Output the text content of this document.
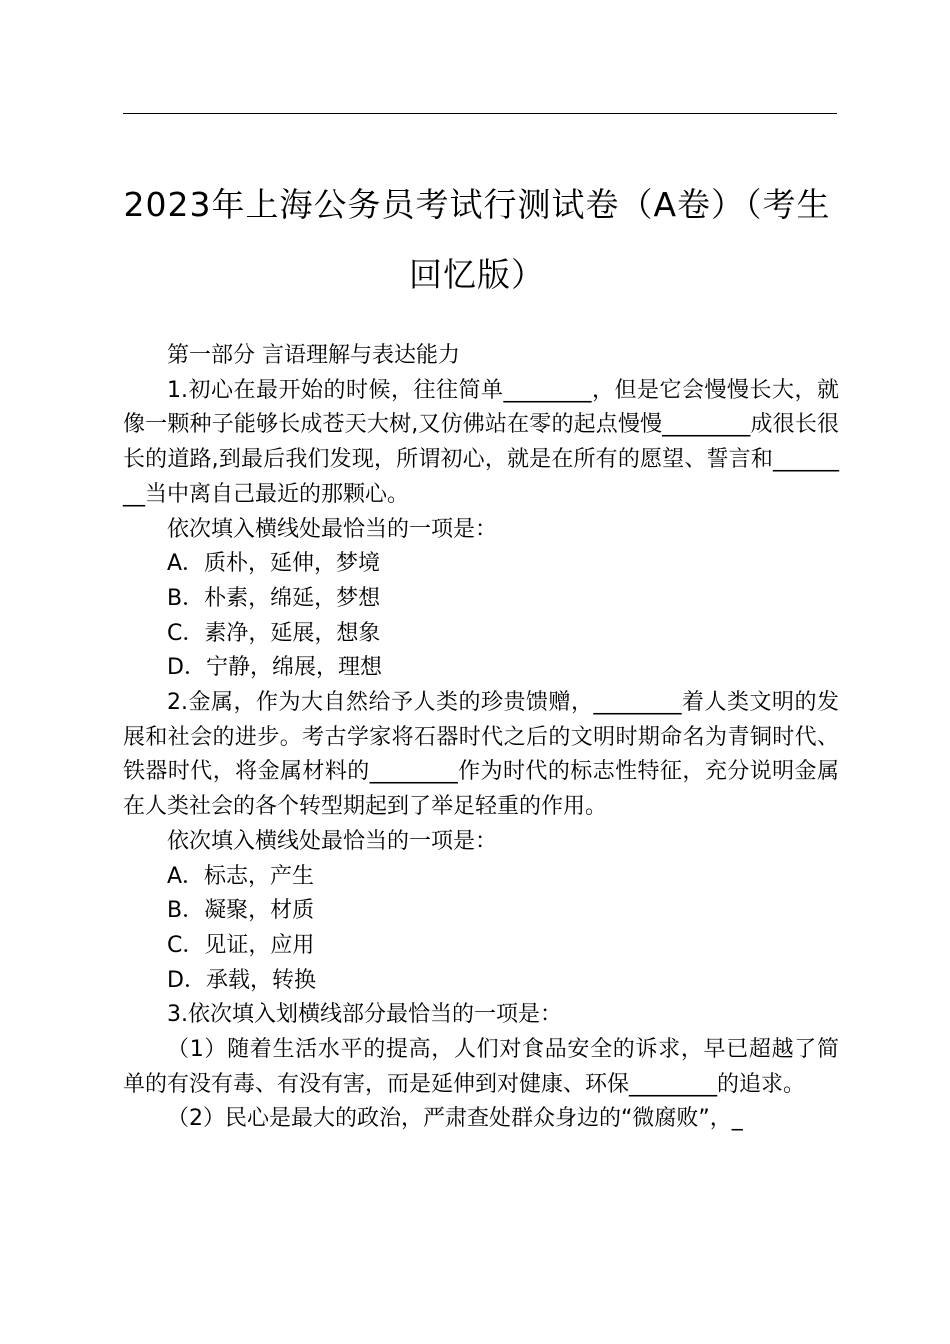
2023年上海公务员考试行测试卷（A卷）（考生回忆版）

第一部分 言语理解与表达能力

1.初心在最开始的时候，往往简单________，但是它会慢慢长大，就像一颗种子能够长成苍天大树,又仿佛站在零的起点慢慢________成很长很长的道路,到最后我们发现，所谓初心，就是在所有的愿望、誓言和________当中离自己最近的那颗心。

依次填入横线处最恰当的一项是：

A．质朴，延伸，梦境

B．朴素，绵延，梦想

C．素净，延展，想象

D．宁静，绵展，理想

2.金属，作为大自然给予人类的珍贵馈赠，________着人类文明的发展和社会的进步。考古学家将石器时代之后的文明时期命名为青铜时代、铁器时代，将金属材料的________作为时代的标志性特征，充分说明金属在人类社会的各个转型期起到了举足轻重的作用。

依次填入横线处最恰当的一项是：

A．标志，产生

B．凝聚，材质

C．见证，应用

D．承载，转换

3.依次填入划横线部分最恰当的一项是：

（1）随着生活水平的提高，人们对食品安全的诉求，早已超越了简单的有没有毒、有没有害，而是延伸到对健康、环保________的追求。

（2）民心是最大的政治，严肃查处群众身边的“微腐败”，_
